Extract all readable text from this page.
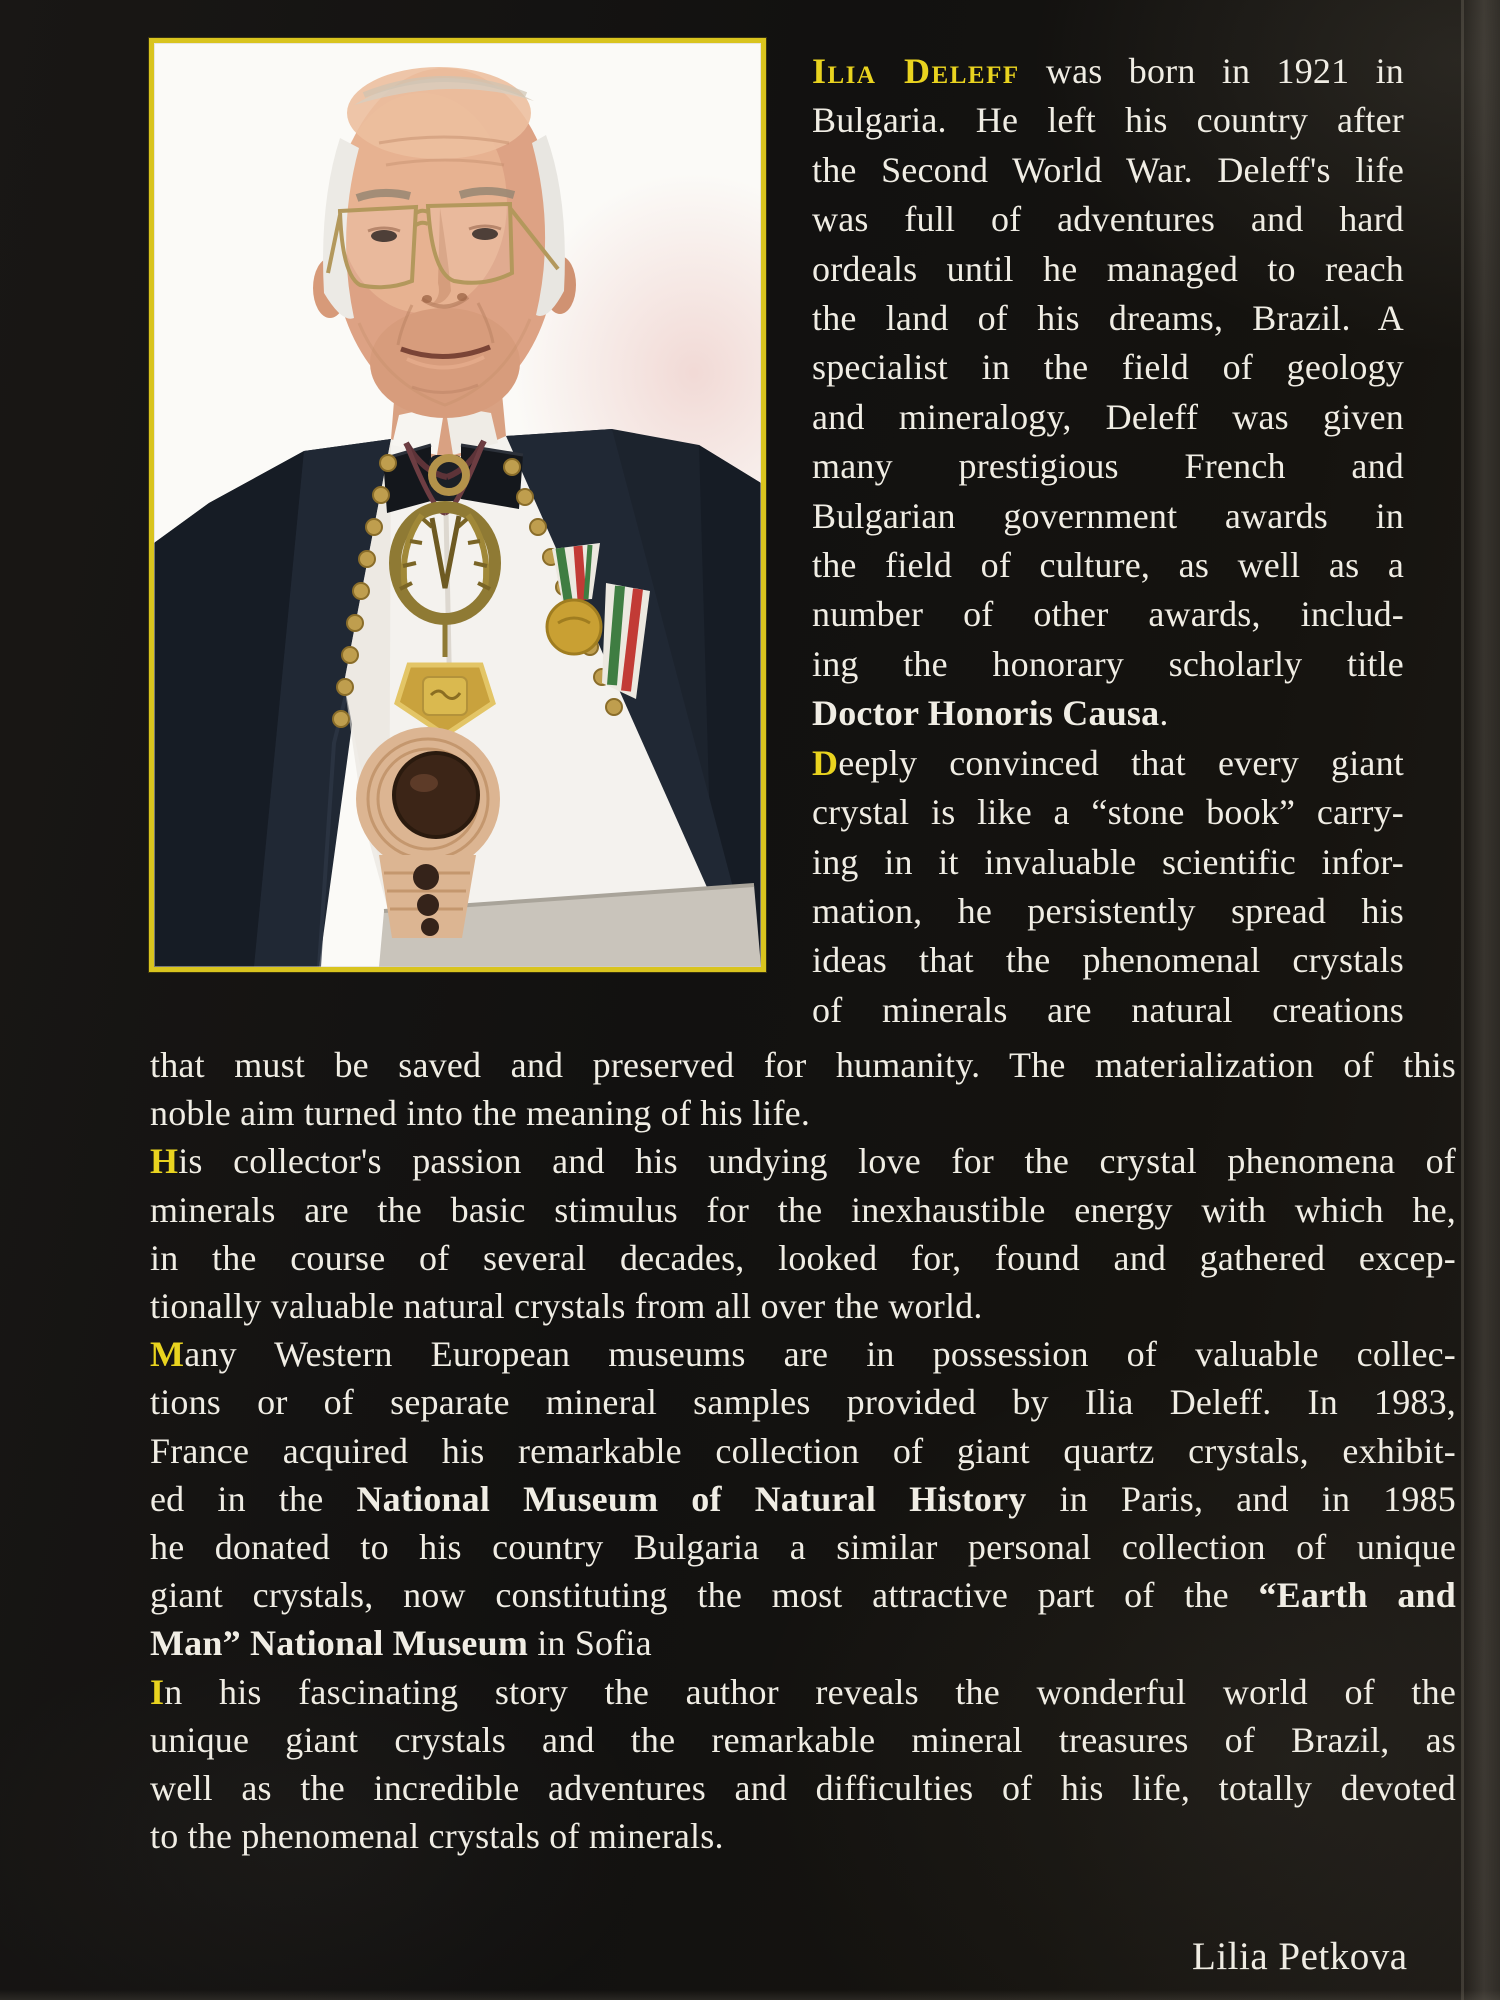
Ilia Deleff was born in 1921 in
Bulgaria. He left his country after
the Second World War. Deleff's life
was full of adventures and hard
ordeals until he managed to reach
the land of his dreams, Brazil. A
specialist in the field of geology
and mineralogy, Deleff was given
many prestigious French and
Bulgarian government awards in
the field of culture, as well as a
number of other awards, includ-
ing the honorary scholarly title
Doctor Honoris Causa.
Deeply convinced that every giant
crystal is like a “stone book” carry-
ing in it invaluable scientific infor-
mation, he persistently spread his
ideas that the phenomenal crystals
of minerals are natural creations
that must be saved and preserved for humanity. The materialization of this
noble aim turned into the meaning of his life.
His collector's passion and his undying love for the crystal phenomena of
minerals are the basic stimulus for the inexhaustible energy with which he,
in the course of several decades, looked for, found and gathered excep-
tionally valuable natural crystals from all over the world.
Many Western European museums are in possession of valuable collec-
tions or of separate mineral samples provided by Ilia Deleff. In 1983,
France acquired his remarkable collection of giant quartz crystals, exhibit-
ed in the National Museum of Natural History in Paris, and in 1985
he donated to his country Bulgaria a similar personal collection of unique
giant crystals, now constituting the most attractive part of the “Earth and
Man” National Museum in Sofia
In his fascinating story the author reveals the wonderful world of the
unique giant crystals and the remarkable mineral treasures of Brazil, as
well as the incredible adventures and difficulties of his life, totally devoted
to the phenomenal crystals of minerals.
Lilia Petkova
